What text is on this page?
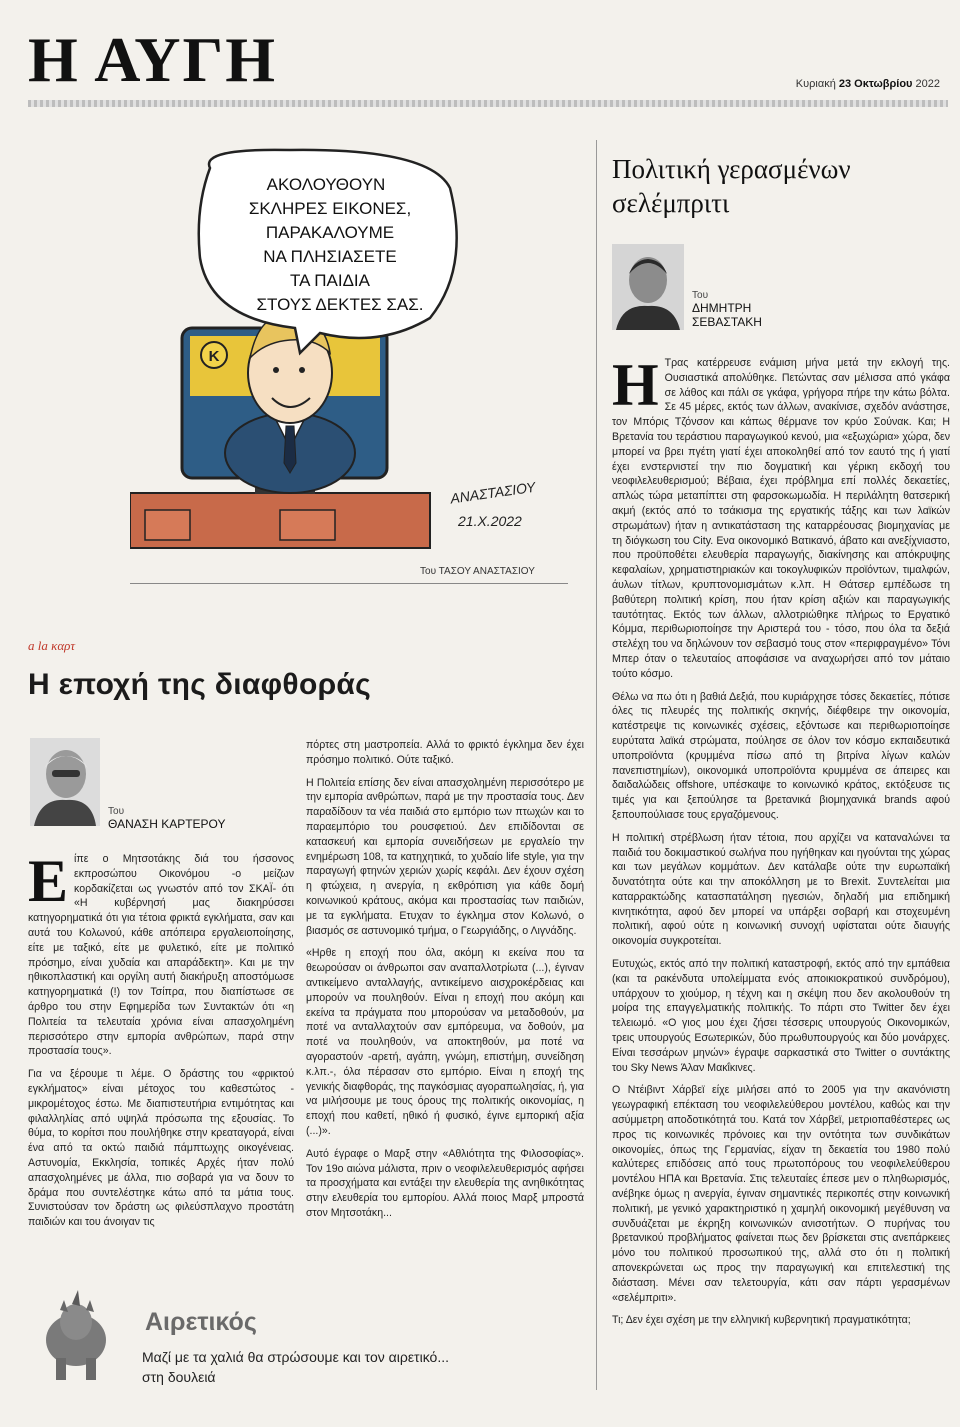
Η ΑΥΓΗ	Κυριακή 23 Οκτωβρίου 2022
K
ΑΚΟΛΟΥΘΟΥΝ
ΣΚΛΗΡΕΣ ΕΙΚΟΝΕΣ,
ΠΑΡΑΚΑΛΟΥΜΕ
ΝΑ ΠΛΗΣΙΑΣΕΤΕ
ΤΑ ΠΑΙΔΙΑ
ΣΤΟΥΣ ΔΕΚΤΕΣ ΣΑΣ.
ΑΝΑΣΤΑΣΙΟΥ
21.X.2022
Του ΤΑΣΟΥ ΑΝΑΣΤΑΣΙΟΥ
a la καρτ
Η εποχή της διαφθοράς
Του
ΘΑΝΑΣΗ ΚΑΡΤΕΡΟΥ

Είπε ο Μητσοτάκης διά του ήσσονος εκπροσώπου Οικονόμου -ο μείζων κορδακίζεται ως γνωστόν από τον ΣΚΑΪ- ότι «Η κυβέρνησή μας διακηρύσσει κατηγορηματικά ότι για τέτοια φρικτά εγκλήματα, σαν και αυτά του Κολωνού, κάθε απόπειρα εργαλειοποίησης, είτε με ταξικό, είτε με φυλετικό, είτε με πολιτικό πρόσημο, είναι χυδαία και απαράδεκτη». Και με την ηθικοπλαστική και οργίλη αυτή διακήρυξη αποστόμωσε κατηγορηματικά (!) τον Τσίπρα, που διαπίστωσε σε άρθρο του στην Εφημερίδα των Συντακτών ότι «η Πολιτεία τα τελευταία χρόνια είναι απασχολημένη περισσότερο στην εμπορία ανθρώπων, παρά στην προστασία τους».

Για να ξέρουμε τι λέμε. Ο δράστης του «φρικτού εγκλήματος» είναι μέτοχος του καθεστώτος - μικρομέτοχος έστω. Με διαπιστευτήρια εντιμότητας και φιλαλληλίας από υψηλά πρόσωπα της εξουσίας. Το θύμα, το κορίτσι που πουλήθηκε στην κρεαταγορά, είναι ένα από τα οκτώ παιδιά πάμπτωχης οικογένειας. Αστυνομία, Εκκλησία, τοπικές Αρχές ήταν πολύ απασχολημένες με άλλα, πιο σοβαρά για να δουν το δράμα που συντελέστηκε κάτω από τα μάτια τους. Συνιστούσαν τον δράστη ως φιλεύσπλαχνο προστάτη παιδιών και του άνοιγαν τις

πόρτες στη μαστροπεία. Αλλά το φρικτό έγκλημα δεν έχει πρόσημο πολιτικό. Ούτε ταξικό.

Η Πολιτεία επίσης δεν είναι απασχολημένη περισσότερο με την εμπορία ανθρώπων, παρά με την προστασία τους. Δεν παραδίδουν τα νέα παιδιά στο εμπόριο των πτωχών και το παραεμπόριο του ρουσφετιού. Δεν επιδίδονται σε κατασκευή και εμπορία συνειδήσεων με εργαλείο την ενημέρωση 108, τα κατηχητικά, το χυδαίο life style, για την παραγωγή φτηνών χεριών χωρίς κεφάλι. Δεν έχουν σχέση η φτώχεια, η ανεργία, η εκθρόπιση για κάθε δομή κοινωνικού κράτους, ακόμα και προστασίας των παιδιών, με τα εγκλήματα. Ετυχαν το έγκλημα στον Κολωνό, ο βιασμός σε αστυνομικό τμήμα, ο Γεωργιάδης, ο Λιγνάδης.

«Ηρθε η εποχή που όλα, ακόμη κι εκείνα που τα θεωρούσαν οι άνθρωποι σαν αναπαλλοτρίωτα (...), έγιναν αντικείμενο ανταλλαγής, αντικείμενο αισχροκέρδειας και μπορούν να πουληθούν. Είναι η εποχή που ακόμη και εκείνα τα πράγματα που μπορούσαν να μεταδοθούν, μα ποτέ να ανταλλαχτούν σαν εμπόρευμα, να δοθούν, μα ποτέ να πουληθούν, να αποκτηθούν, μα ποτέ να αγοραστούν -αρετή, αγάπη, γνώμη, επιστήμη, συνείδηση κ.λπ.-, όλα πέρασαν στο εμπόριο. Είναι η εποχή της γενικής διαφθοράς, της παγκόσμιας αγοραπωλησίας, ή, για να μιλήσουμε με τους όρους της πολιτικής οικονομίας, η εποχή που καθετί, ηθικό ή φυσικό, έγινε εμπορική αξία (...)».

Αυτό έγραφε ο Μαρξ στην «Αθλιότητα της Φιλοσοφίας». Τον 19ο αιώνα μάλιστα, πριν ο νεοφιλελευθερισμός αφήσει τα προσχήματα και εντάξει την ελευθερία της ανηθικότητας στην ελευθερία του εμπορίου. Αλλά ποιος Μαρξ μπροστά στον Μητσοτάκη...

Πολιτική γερασμένων σελέμπριτι
Του
ΔΗΜΗΤΡΗ
ΣΕΒΑΣΤΑΚΗ

Η Τρας κατέρρευσε ενάμιση μήνα μετά την εκλογή της. Ουσιαστικά απολύθηκε. Πετώντας σαν μέλισσα από γκάφα σε λάθος και πάλι σε γκάφα, γρήγορα πήρε την κάτω βόλτα. Σε 45 μέρες, εκτός των άλλων, ανακίνισε, σχεδόν ανάστησε, τον Μπόρις Τζόνσον και κάπως θέρμανε τον κρύο Σούνακ. Και; Η Βρετανία του τεράστιου παραγωγικού κενού, μια «εξωχώρια» χώρα, δεν μπορεί να βρει πγέτη γιατί έχει αποκοληθεί από τον εαυτό της ή γιατί έχει ενστερνιστεί την πιο δογματική και γέρικη εκδοχή του νεοφιλελευθερισμού; Βέβαια, έχει πρόβλημα επί πολλές δεκαετίες, απλώς τώρα μεταπίπτει στη φαρσοκωμωδία. Η περιλάλητη θατσερική ακμή (εκτός από το τσάκισμα της εργατικής τάξης και των λαϊκών στρωμάτων) ήταν η αντικατάσταση της καταρρέουσας βιομηχανίας με τη διόγκωση του City. Ενα οικονομικό Βατικανό, άβατο και ανεξίχνιαστο, που προϋποθέτει ελευθερία παραγωγής, διακίνησης και απόκρυψης κεφαλαίων, χρηματιστηριακών και τοκογλυφικών προϊόντων, τιμαλφών, άυλων τίτλων, κρυπτονομισμάτων κ.λπ. Η Θάτσερ εμπέδωσε τη βαθύτερη πολιτική κρίση, που ήταν κρίση αξιών και παραγωγικής ταυτότητας. Εκτός των άλλων, αλλοτριώθηκε πλήρως το Εργατικό Κόμμα, περιθωριοποίησε την Αριστερά του - τόσο, που όλα τα δεξιά στελέχη του να δηλώνουν τον σεβασμό τους στον «περιφραγμένο» Τόνι Μπερ όταν ο τελευταίος αποφάσισε να αναχωρήσει από τον μάταιο τούτο κόσμο.

Θέλω να πω ότι η βαθιά Δεξιά, που κυριάρχησε τόσες δεκαετίες, πότισε όλες τις πλευρές της πολιτικής σκηνής, διέφθειρε την οικονομία, κατέστρεψε τις κοινωνικές σχέσεις, εξόντωσε και περιθωριοποίησε ευρύτατα λαϊκά στρώματα, πούλησε σε όλον τον κόσμο εκπαιδευτικά υποπροϊόντα (κρυμμένα πίσω από τη βιτρίνα λίγων καλών πανεπιστημίων), οικονομικά υποπροϊόντα κρυμμένα σε άπειρες και δαιδαλώδεις offshore, υπέσκαψε το κοινωνικό κράτος, εκτόξευσε τις τιμές για και ξεπούλησε τα βρετανικά βιομηχανικά brands αφού ξεπουπούλιασε τους εργαζόμενους.

Η πολιτική στρέβλωση ήταν τέτοια, που αρχίζει να καταναλώνει τα παιδιά του δοκιμαστικού σωλήνα που ηγήθηκαν και ηγούνται της χώρας και των μεγάλων κομμάτων. Δεν κατάλαβε ούτε την ευρωπαϊκή δυνατότητα ούτε και την αποκόλληση με το Brexit. Συντελείται μια καταρρακτώδης κατασπατάληση ηγεσιών, δηλαδή μια επιδημική κινητικότητα, αφού δεν μπορεί να υπάρξει σοβαρή και στοχευμένη πολιτική, αφού ούτε η κοινωνική συνοχή υφίσταται ούτε διαυγής οικονομία συγκροτείται.

Ευτυχώς, εκτός από την πολιτική καταστροφή, εκτός από την εμπάθεια (και τα ρακένδυτα υπολείμματα ενός αποικιοκρατικού συνδρόμου), υπάρχουν το χιούμορ, η τέχνη και η σκέψη που δεν ακολουθούν τη μοίρα της επαγγελματικής πολιτικής. Το πάρτι στο Twitter δεν έχει τελειωμό. «Ο γιος μου έχει ζήσει τέσσερις υπουργούς Οικονομικών, τρεις υπουργούς Εσωτερικών, δύο πρωθυπουργούς και δύο μονάρχες. Είναι τεσσάρων μηνών» έγραψε σαρκαστικά στο Twitter ο συντάκτης του Sky News Άλαν Μακΐκινες.

Ο Ντέιβιντ Χάρβεϊ είχε μιλήσει από το 2005 για την ακανόνιστη γεωγραφική επέκταση του νεοφιλελεύθερου μοντέλου, καθώς και την ασύμμετρη αποδοτικότητά του. Κατά τον Χάρβεϊ, μετριοπαθέστερες ως προς τις κοινωνικές πρόνοιες και την οντότητα των συνδικάτων οικονομίες, όπως της Γερμανίας, είχαν τη δεκαετία του 1980 πολύ καλύτερες επιδόσεις από τους πρωτοπόρους του νεοφιλελεύθερου μοντέλου ΗΠΑ και Βρετανία. Στις τελευταίες έπεσε μεν ο πληθωρισμός, ανέβηκε όμως η ανεργία, έγιναν σημαντικές περικοπές στην κοινωνική πολιτική, με γενικό χαρακτηριστικό η χαμηλή οικονομική μεγέθυνση να συνδυάζεται με έκρηξη κοινωνικών ανισοτήτων. Ο πυρήνας του βρετανικού προβλήματος φαίνεται πως δεν βρίσκεται στις ανεπάρκειες μόνο του πολιτικού προσωπικού της, αλλά στο ότι η πολιτική απονεκρώνεται ως προς την παραγωγική και επιτελεστική της διάσταση. Μένει σαν τελετουργία, κάτι σαν πάρτι γερασμένων «σελέμπριτι».

Τι; Δεν έχει σχέση με την ελληνική κυβερνητική πραγματικότητα;

Αιρετικός
Μαζί με τα χαλιά θα στρώσουμε και τον αιρετικό...
στη δουλειά
